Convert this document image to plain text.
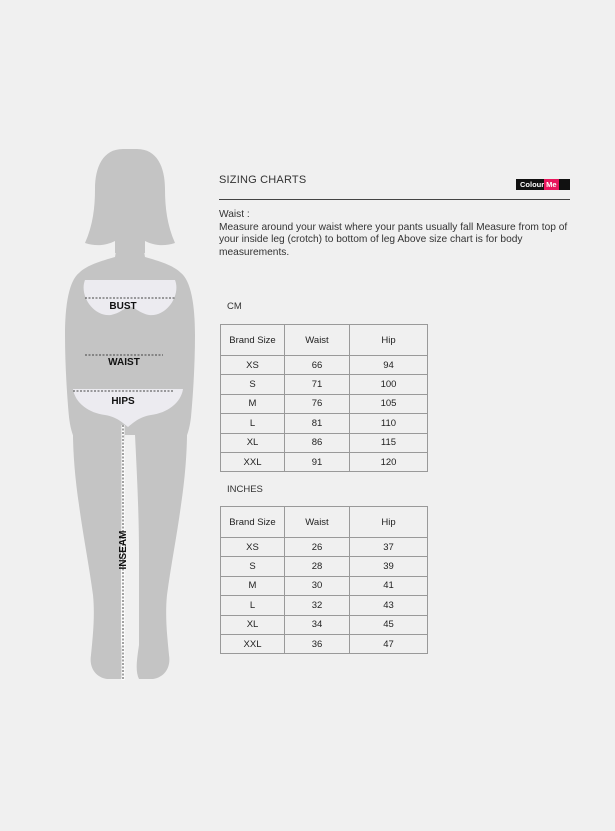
BUST
WAIST
HIPS
INSEAM
SIZING CHARTS	Colour Me
Waist :
Measure around your waist where your pants usually fall Measure from top of your inside leg (crotch) to bottom of leg Above size chart is for body measurements.
CM
Brand Size	Waist	Hip
XS	66	94
S	71	100
M	76	105
L	81	110
XL	86	115
XXL	91	120
INCHES
Brand Size	Waist	Hip
XS	26	37
S	28	39
M	30	41
L	32	43
XL	34	45
XXL	36	47
